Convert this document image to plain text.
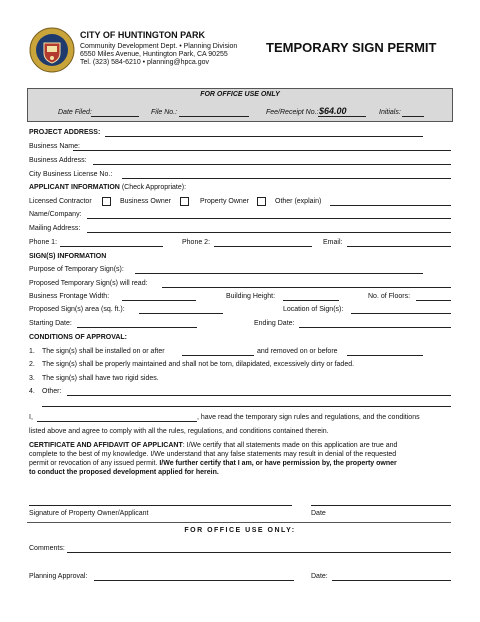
CITY OF HUNTINGTON PARK
Community Development Dept. • Planning Division
6550 Miles Avenue, Huntington Park, CA 90255
Tel. (323) 584-6210 • planning@hpca.gov
TEMPORARY SIGN PERMIT
FOR OFFICE USE ONLY
Date Filed:	File No.:	Fee/Receipt No.: $64.00	Initials:
PROJECT ADDRESS:
Business Name:
Business Address:
City Business License No.:
APPLICANT INFORMATION (Check Appropriate):
Licensed Contractor	Business Owner	Property Owner	Other (explain)
Name/Company:
Mailing Address:
Phone 1:	Phone 2:	Email:
SIGN(S) INFORMATION
Purpose of Temporary Sign(s):
Proposed Temporary Sign(s) will read:
Business Frontage Width:	Building Height:	No. of Floors:
Proposed Sign(s) area (sq. ft.):	Location of Sign(s):
Starting Date:	Ending Date:
CONDITIONS OF APPROVAL:
1. The sign(s) shall be installed on or after	and removed on or before
2. The sign(s) shall be properly maintained and shall not be torn, dilapidated, excessively dirty or faded.
3. The sign(s) shall have two rigid sides.
4. Other:
I,	, have read the temporary sign rules and regulations, and the conditions
listed above and agree to comply with all the rules, regulations, and conditions contained therein.
CERTIFICATE AND AFFIDAVIT OF APPLICANT: I/We certify that all statements made on this application are true and
complete to the best of my knowledge. I/We understand that any false statements may result in denial of the requested
permit or revocation of any issued permit. I/We further certify that I am, or have permission by, the property owner
to conduct the proposed development applied for herein.
Signature of Property Owner/Applicant	Date
FOR OFFICE USE ONLY:
Comments:
Planning Approval:	Date:
